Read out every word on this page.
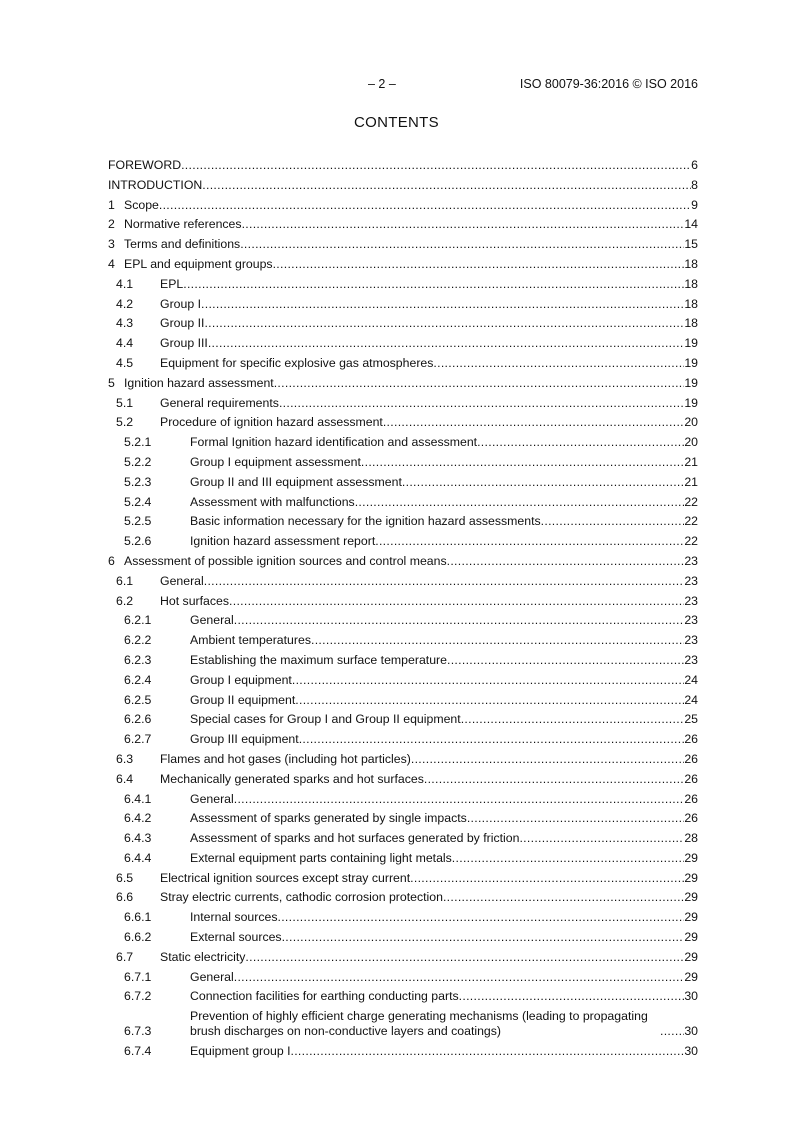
– 2 –	ISO 80079-36:2016 © ISO 2016
CONTENTS
FOREWORD .....	6
INTRODUCTION .....	8
1 Scope .....	9
2 Normative references .....	14
3 Terms and definitions .....	15
4 EPL and equipment groups .....	18
4.1	EPL .....	18
4.2	Group I .....	18
4.3	Group II .....	18
4.4	Group III .....	19
4.5	Equipment for specific explosive gas atmospheres .....	19
5 Ignition hazard assessment .....	19
5.1	General requirements .....	19
5.2	Procedure of ignition hazard assessment .....	20
5.2.1	Formal Ignition hazard identification and assessment .....	20
5.2.2	Group I equipment assessment .....	21
5.2.3	Group II and III equipment assessment .....	21
5.2.4	Assessment with malfunctions .....	22
5.2.5	Basic information necessary for the ignition hazard assessments .....	22
5.2.6	Ignition hazard assessment report .....	22
6 Assessment of possible ignition sources and control means .....	23
6.1	General .....	23
6.2	Hot surfaces .....	23
6.2.1	General .....	23
6.2.2	Ambient temperatures .....	23
6.2.3	Establishing the maximum surface temperature .....	23
6.2.4	Group I equipment .....	24
6.2.5	Group II equipment .....	24
6.2.6	Special cases for Group I and Group II equipment .....	25
6.2.7	Group III equipment .....	26
6.3	Flames and hot gases (including hot particles) .....	26
6.4	Mechanically generated sparks and hot surfaces .....	26
6.4.1	General .....	26
6.4.2	Assessment of sparks generated by single impacts .....	26
6.4.3	Assessment of sparks and hot surfaces generated by friction .....	28
6.4.4	External equipment parts containing light metals .....	29
6.5	Electrical ignition sources except stray current .....	29
6.6	Stray electric currents, cathodic corrosion protection .....	29
6.6.1	Internal sources .....	29
6.6.2	External sources .....	29
6.7	Static electricity .....	29
6.7.1	General .....	29
6.7.2	Connection facilities for earthing conducting parts .....	30
6.7.3
Prevention of highly efficient charge generating mechanisms (leading to propagating brush discharges on non-conductive layers and coatings) .....	30
6.7.4	Equipment group I .....	30
